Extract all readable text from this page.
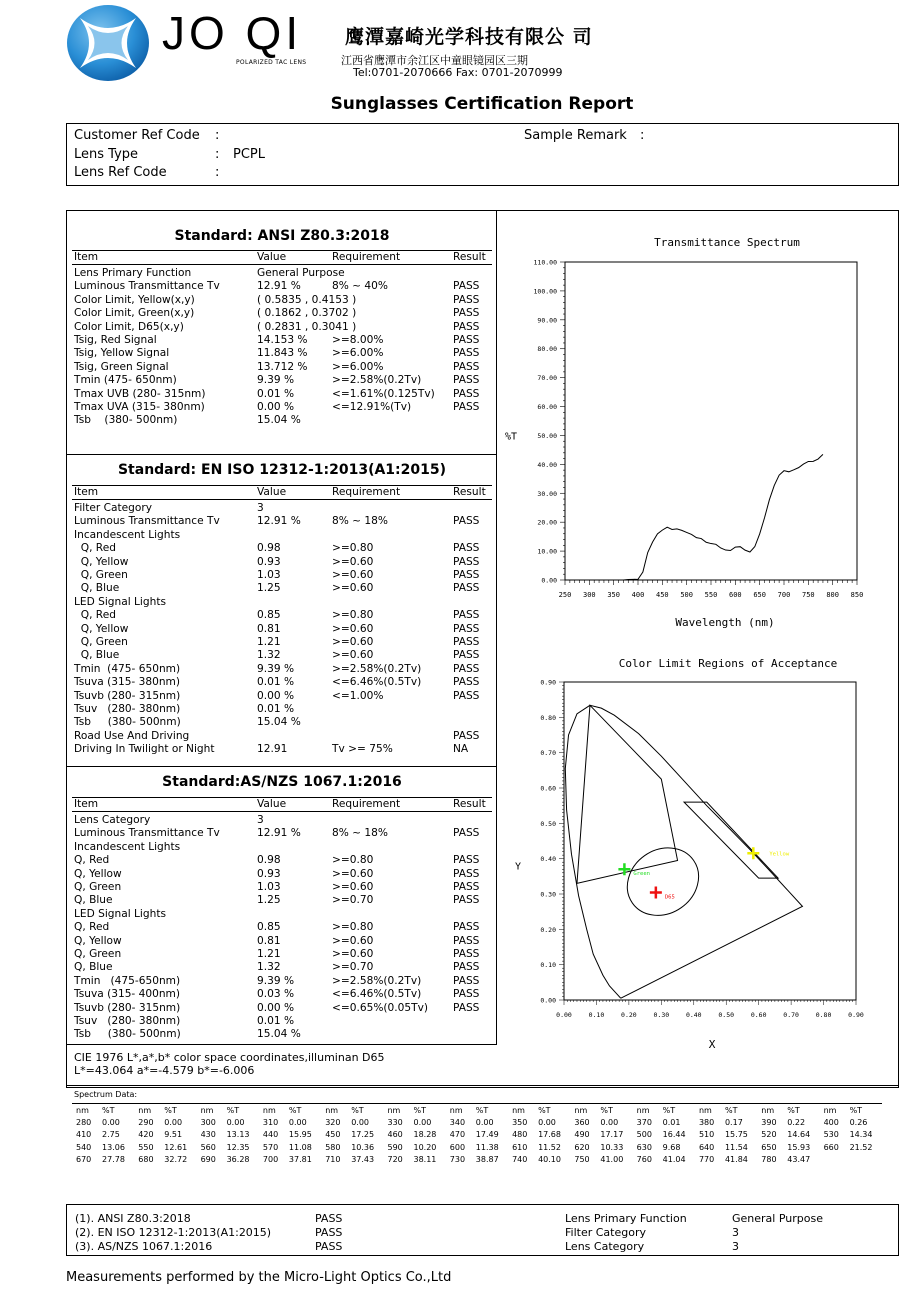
JO QI
POLARIZED TAC LENS
鹰潭嘉崎光学科技有限公 司
江西省鹰潭市余江区中童眼镜园区三期
Tel:0701-2070666 Fax: 0701-2070999
Sunglasses Certification Report
Customer Ref Code :
Lens Type	: PCPL
Lens Ref Code	:
Sample Remark :
Standard: ANSI Z80.3:2018
Item	Value	Requirement	Result
Lens Primary Function	General Purpose
Luminous Transmittance Tv	12.91 %	8% ~ 40%	PASS
Color Limit, Yellow(x,y)	( 0.5835 , 0.4153 )	PASS
Color Limit, Green(x,y)	( 0.1862 , 0.3702 )	PASS
Color Limit, D65(x,y)	( 0.2831 , 0.3041 )	PASS
Tsig, Red Signal	14.153 % >=8.00%	PASS
Tsig, Yellow Signal	11.843 % >=6.00%	PASS
Tsig, Green Signal	13.712 % >=6.00%	PASS
Tmin (475- 650nm)	9.39 %	>=2.58%(0.2Tv)	PASS
Tmax UVB (280- 315nm)	0.01 %	<=1.61%(0.125Tv) PASS
Tmax UVA (315- 380nm)	0.00 %	<=12.91%(Tv)	PASS
Tsb    (380- 500nm)	15.04 %
Standard: EN ISO 12312-1:2013(A1:2015)
Item	Value	Requirement	Result
Filter Category	3
Luminous Transmittance Tv	12.91 %	8% ~ 18%	PASS
Incandescent Lights
Q, Red	0.98	>=0.80	PASS
Q, Yellow	0.93	>=0.60	PASS
Q, Green	1.03	>=0.60	PASS
Q, Blue	1.25	>=0.60	PASS
LED Signal Lights
Q, Red	0.85	>=0.80	PASS
Q, Yellow	0.81	>=0.60	PASS
Q, Green	1.21	>=0.60	PASS
Q, Blue	1.32	>=0.60	PASS
Tmin  (475- 650nm)	9.39 %	>=2.58%(0.2Tv)	PASS
Tsuva (315- 380nm)	0.01 %	<=6.46%(0.5Tv)	PASS
Tsuvb (280- 315nm)	0.00 %	<=1.00%	PASS
Tsuv   (280- 380nm)	0.01 %
Tsb     (380- 500nm)	15.04 %
Road Use And Driving	PASS
Driving In Twilight or Night	12.91	Tv >= 75%	NA
Standard:AS/NZS 1067.1:2016
Item	Value	Requirement	Result
Lens Category	3
Luminous Transmittance Tv	12.91 %	8% ~ 18%	PASS
Incandescent Lights
Q, Red	0.98	>=0.80	PASS
Q, Yellow	0.93	>=0.60	PASS
Q, Green	1.03	>=0.60	PASS
Q, Blue	1.25	>=0.70	PASS
LED Signal Lights
Q, Red	0.85	>=0.80	PASS
Q, Yellow	0.81	>=0.60	PASS
Q, Green	1.21	>=0.60	PASS
Q, Blue	1.32	>=0.70	PASS
Tmin   (475-650nm)	9.39 %	>=2.58%(0.2Tv)	PASS
Tsuva (315- 400nm)	0.03 %	<=6.46%(0.5Tv)	PASS
Tsuvb (280- 315nm)	0.00 %	<=0.65%(0.05Tv) PASS
Tsuv   (280- 380nm)	0.01 %
Tsb     (380- 500nm)	15.04 %
CIE 1976 L*,a*,b* color space coordinates,illuminan D65
L*=43.064 a*=-4.579 b*=-6.006
Transmittance Spectrum
0.00
10.00
20.00
30.00
40.00
50.00
60.00
70.00
80.00
90.00
100.00
110.00
250 300 350 400 450 500 550 600 650 700 750 800 850
%T
Wavelength (nm)
Color Limit Regions of Acceptance
0.00
0.10
0.20
0.30
0.40
0.50
0.60
0.70
0.80
0.90
0.00	0.10	0.20	0.30	0.40	0.50	0.60	0.70	0.80	0.90
Y
X
Green
D65
Yellow
Spectrum Data:
nm	%T	nm	%T	nm	%T	nm	%T	nm	%T	nm	%T	nm	%T	nm	%T	nm	%T	nm	%T	nm	%T	nm	%T	nm	%T
280	0.00	290	0.00	300	0.00	310	0.00	320	0.00	330	0.00	340	0.00	350	0.00	360	0.00	370	0.01	380	0.17	390	0.22	400	0.26
410	2.75	420	9.51	430	13.13	440	15.95	450	17.25	460	18.28	470	17.49	480	17.68	490	17.17	500	16.44	510	15.75	520	14.64	530	14.34
540	13.06	550	12.61	560	12.35	570	11.08	580	10.36	590	10.20	600	11.38	610	11.52	620	10.33	630	9.68	640	11.54	650	15.93	660	21.52
670	27.78	680	32.72	690	36.28	700	37.81	710	37.43	720	38.11	730	38.87	740	40.10	750	41.00	760	41.04	770	41.84	780	43.47		
(1). ANSI Z80.3:2018	PASS	Lens Primary Function	General Purpose
(2). EN ISO 12312-1:2013(A1:2015)	PASS	Filter Category	3
(3). AS/NZS 1067.1:2016	PASS	Lens Category	3
Measurements performed by the Micro-Light Optics Co.,Ltd
